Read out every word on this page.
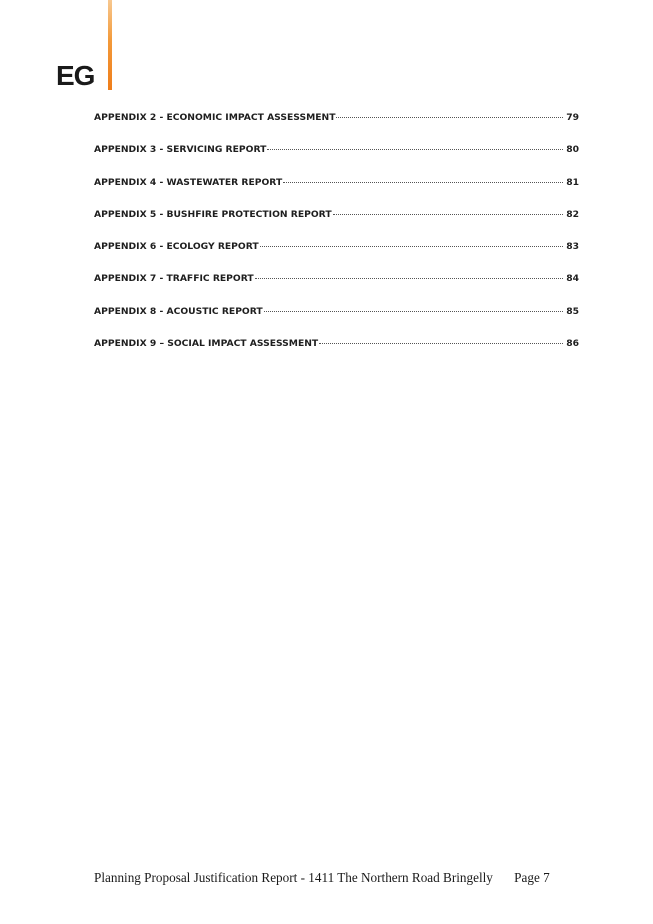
EG
APPENDIX 2 - ECONOMIC IMPACT ASSESSMENT	79
APPENDIX 3 - SERVICING REPORT	80
APPENDIX 4 - WASTEWATER REPORT	81
APPENDIX 5 - BUSHFIRE PROTECTION REPORT	82
APPENDIX 6 - ECOLOGY REPORT	83
APPENDIX 7 - TRAFFIC REPORT	84
APPENDIX 8 - ACOUSTIC REPORT	85
APPENDIX 9 – SOCIAL IMPACT ASSESSMENT	86
Planning Proposal Justification Report - 1411 The Northern Road Bringelly Page 7
